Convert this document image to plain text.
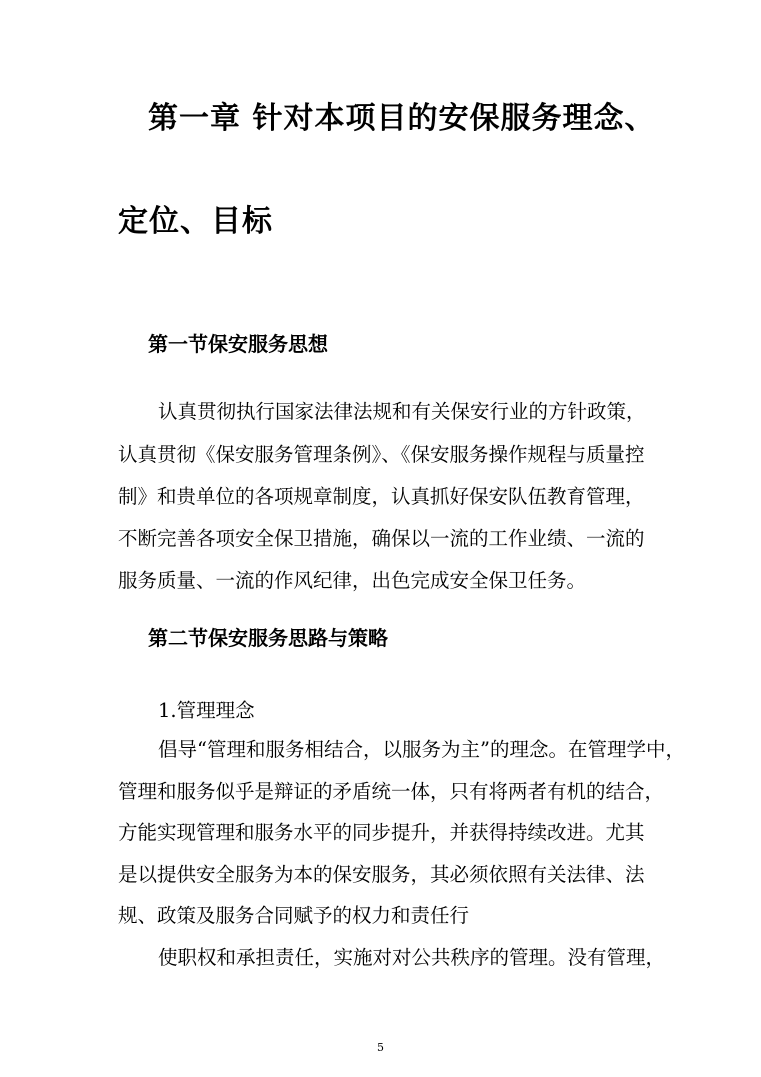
第一章 针对本项目的安保服务理念、
定位、目标
第一节保安服务思想
认真贯彻执行国家法律法规和有关保安行业的方针政策，
认真贯彻《保安服务管理条例》、《保安服务操作规程与质量控
制》和贵单位的各项规章制度，认真抓好保安队伍教育管理，
不断完善各项安全保卫措施，确保以一流的工作业绩、一流的
服务质量、一流的作风纪律，出色完成安全保卫任务。
第二节保安服务思路与策略
1.管理理念
倡导“管理和服务相结合，以服务为主”的理念。在管理学中，
管理和服务似乎是辩证的矛盾统一体，只有将两者有机的结合，
方能实现管理和服务水平的同步提升，并获得持续改进。尤其
是以提供安全服务为本的保安服务，其必须依照有关法律、法
规、政策及服务合同赋予的权力和责任行
使职权和承担责任，实施对对公共秩序的管理。没有管理，
5
